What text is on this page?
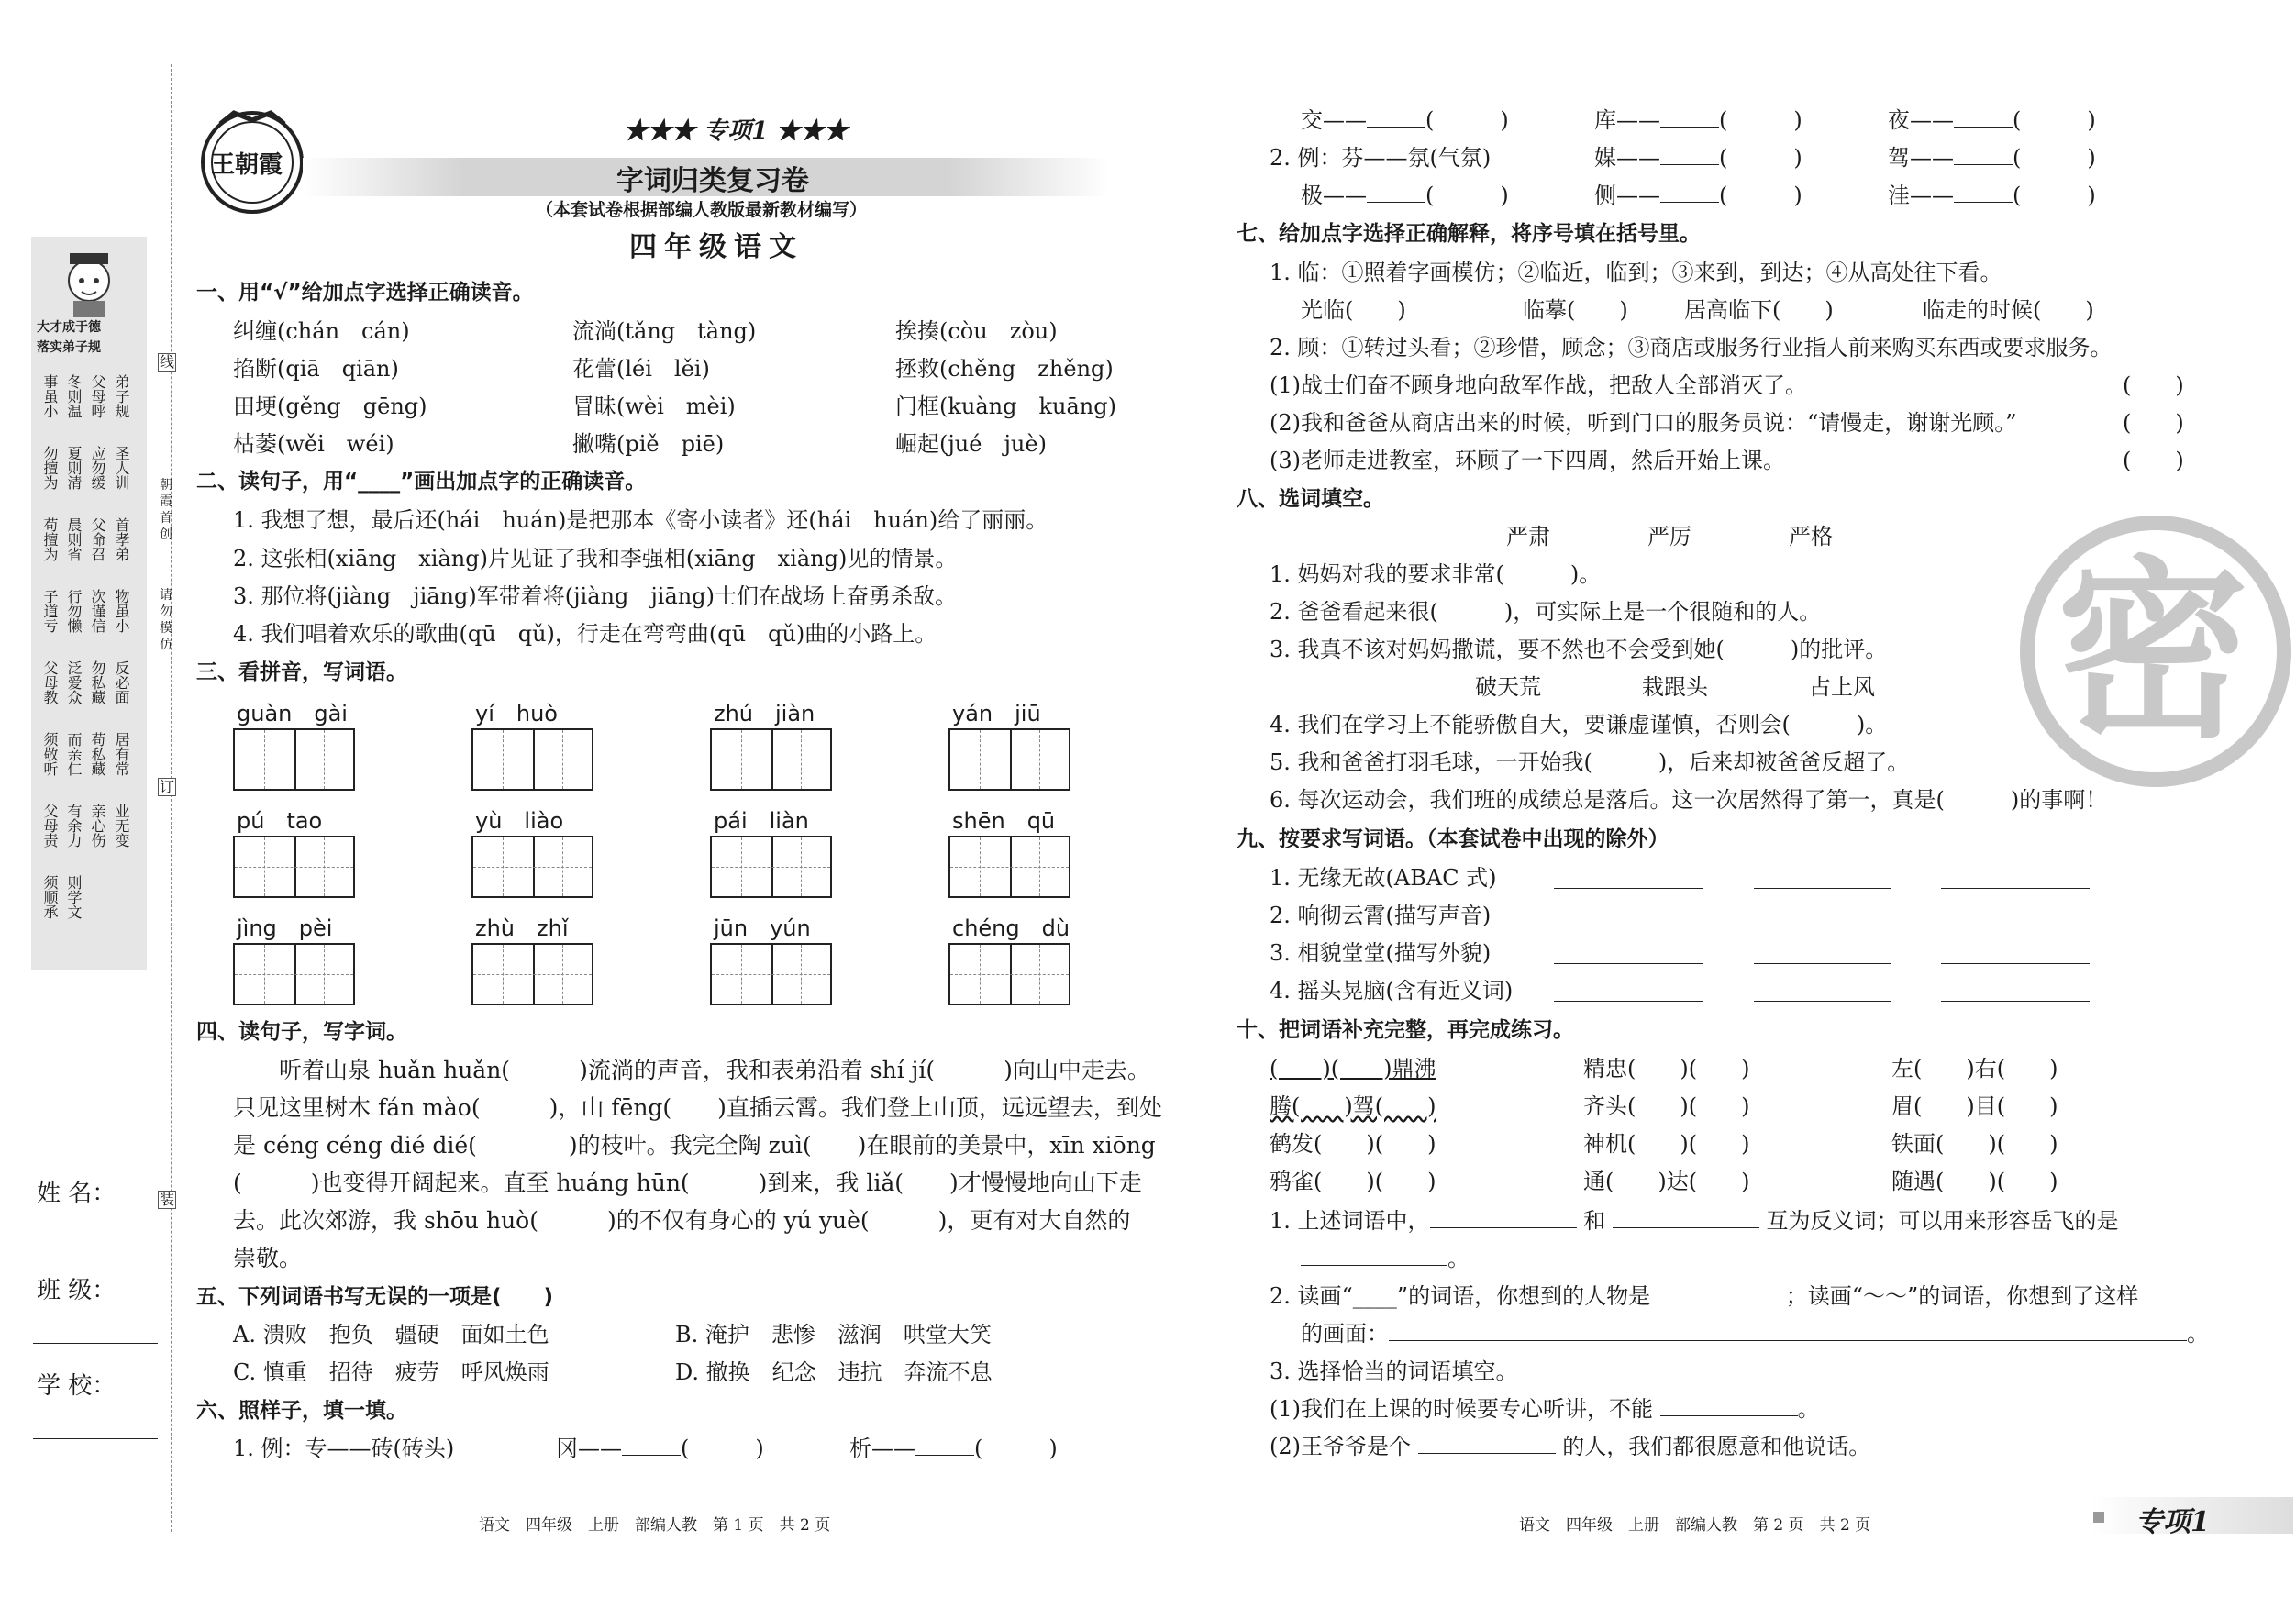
大才成于德
落实弟子规
事虽小 冬则温 父母呼 弟子规
勿擅为 夏则清 应勿缓 圣人训
苟擅为 晨则省 父命召 首孝弟
子道亏 行勿懒 次谨信 物虽小
父母教 泛爱众 勿私藏 反必面
须敬听 而亲仁 苟私藏 居有常
父母责 有余力 亲心伤 业无变
须顺承 则学文
线
朝霞首创
请勿模仿
订
装
姓 名：
班 级：
学 校：
王朝霞
★★★ 专项1 ★★★
字词归类复习卷
（本套试卷根据部编人教版最新教材编写）
四年级语文
一、用“√”给加点字选择正确读音。
纠缠(chán　cán)	流淌(tǎng　tàng)	挨揍(còu　zòu)
掐断(qiā　qiān)	花蕾(léi　lěi)	拯救(chěng　zhěng)
田埂(gěng　gēng)	冒昧(wèi　mèi)	门框(kuàng　kuāng)
枯萎(wěi　wéi)	撇嘴(piě　piē)	崛起(jué　juè)
二、读句子，用“____”画出加点字的正确读音。
1. 我想了想，最后还(hái　huán)是把那本《寄小读者》还(hái　huán)给了丽丽。
2. 这张相(xiāng　xiàng)片见证了我和李强相(xiāng　xiàng)见的情景。
3. 那位将(jiàng　jiāng)军带着将(jiàng　jiāng)士们在战场上奋勇杀敌。
4. 我们唱着欢乐的歌曲(qū　qǔ)，行走在弯弯曲(qū　qǔ)曲的小路上。
三、看拼音，写词语。
guàn　gài	yí　huò	zhú　jiàn	yán　jiū
pú　tao	yù　liào	pái　liàn	shēn　qū
jìng　pèi	zhù　zhǐ	jūn　yún	chéng　dù
四、读句子，写字词。
　　听着山泉 huǎn huǎn(　　　)流淌的声音，我和表弟沿着 shí jí(　　　)向山中走去。
只见这里树木 fán mào(　　　)，山 fēng(　　)直插云霄。我们登上山顶，远远望去，到处
是 céng céng dié dié(　　　　)的枝叶。我完全陶 zuì(　　)在眼前的美景中，xīn xiōng
(　　　)也变得开阔起来。直至 huáng hūn(　　　)到来，我 liǎ(　　)才慢慢地向山下走
去。此次郊游，我 shōu huò(　　　)的不仅有身心的 yú yuè(　　　)，更有对大自然的
崇敬。
五、下列词语书写无误的一项是(　　)
A. 溃败　抱负　疆硬　面如土色	B. 淹护　悲惨　滋润　哄堂大笑
C. 慎重　招待　疲劳　呼风焕雨	D. 撤换　纪念　违抗　奔流不息
六、照样子，填一填。
1. 例：专——砖(砖头)	冈——	(　　　)	析——	(　　　)
语文　四年级　上册　部编人教　第 1 页　共 2 页
交——	(　　　)	库——	(　　　)	夜——	(　　　)
2. 例：芬——氛(气氛)	媒——	(　　　)	驾——	(　　　)
极——	(　　　)	侧——	(　　　)	洼——	(　　　)
七、给加点字选择正确解释，将序号填在括号里。
1. 临：①照着字画模仿；②临近，临到；③来到，到达；④从高处往下看。
光临(　　)	临摹(　　)	居高临下(　　)	临走的时候(　　)
2. 顾：①转过头看；②珍惜，顾念；③商店或服务行业指人前来购买东西或要求服务。
(1)战士们奋不顾身地向敌军作战，把敌人全部消灭了。	(　　)
(2)我和爸爸从商店出来的时候，听到门口的服务员说：“请慢走，谢谢光顾。”	(　　)
(3)老师走进教室，环顾了一下四周，然后开始上课。	(　　)
八、选词填空。
严肃	严厉	严格
1. 妈妈对我的要求非常(　　　)。
2. 爸爸看起来很(　　　)，可实际上是一个很随和的人。
3. 我真不该对妈妈撒谎，要不然也不会受到她(　　　)的批评。
破天荒	栽跟头	占上风
4. 我们在学习上不能骄傲自大，要谦虚谨慎，否则会(　　　)。
5. 我和爸爸打羽毛球，一开始我(　　　)，后来却被爸爸反超了。
6. 每次运动会，我们班的成绩总是落后。这一次居然得了第一，真是(　　　)的事啊！
九、按要求写词语。（本套试卷中出现的除外）
1. 无缘无故(ABAC 式)
2. 响彻云霄(描写声音)
3. 相貌堂堂(描写外貌)
4. 摇头晃脑(含有近义词)
十、把词语补充完整，再完成练习。
(　　)(　　)鼎沸	精忠(　　)(　　)	左(　　)右(　　)
腾(　　)驾(　　)	齐头(　　)(　　)	眉(　　)目(　　)
鹤发(　　)(　　)	神机(　　)(　　)	铁面(　　)(　　)
鸦雀(　　)(　　)	通(　　)达(　　)	随遇(　　)(　　)
1. 上述词语中，	和	互为反义词；可以用来形容岳飞的是
。
2. 读画“____”的词语，你想到的人物是	；读画“～～”的词语，你想到了这样
的画面：	。
3. 选择恰当的词语填空。
(1)我们在上课的时候要专心听讲，不能	。
(2)王爷爷是个	的人，我们都很愿意和他说话。
语文　四年级　上册　部编人教　第 2 页　共 2 页	专项1
密
